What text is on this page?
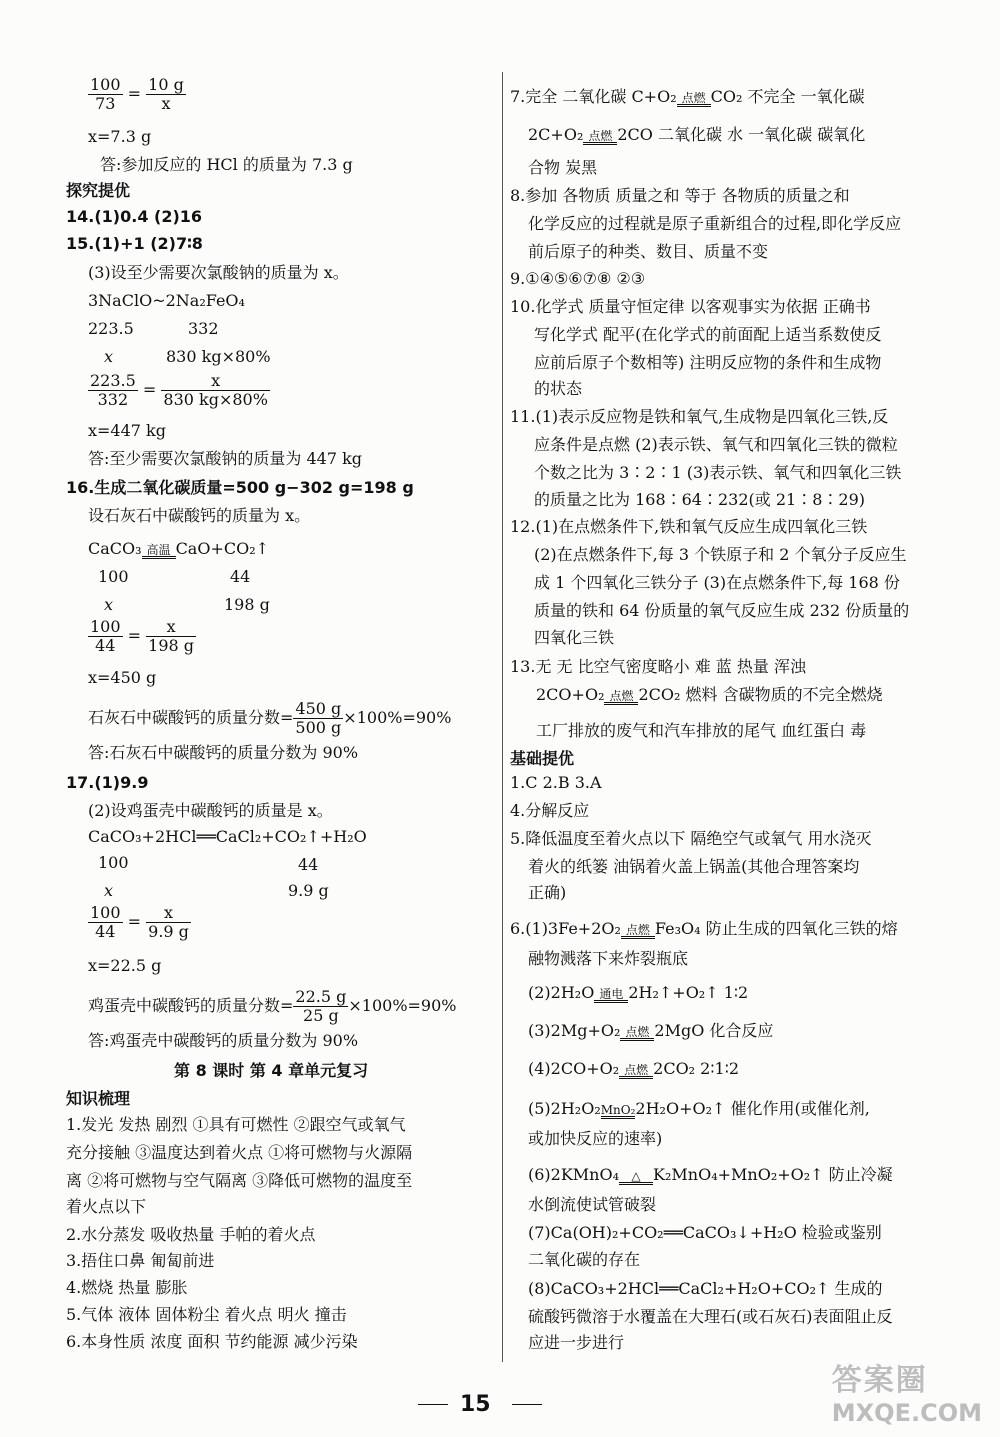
$\frac{100}{73} = \frac{10 g}{x}$
x=7.3 g
答:参加反应的 HCl 的质量为 7.3 g
探究提优
14.(1)0.4 (2)16
15.(1)+1 (2)7∶8
(3)设至少需要次氯酸钠的质量为 x。
3NaClO~2Na₂FeO₄
223.5	332
x	830 kg×80%
$\frac{223.5}{332} = \frac{x}{830 kg\times 80\%}$
x=447 kg
答:至少需要次氯酸钠的质量为 447 kg
16.生成二氧化碳质量=500 g−302 g=198 g
设石灰石中碳酸钙的质量为 x。
CaCO₃ 高温 CaO+CO₂↑
100	44
x	198 g
$\frac{100}{44} = \frac{x}{198 g}$
x=450 g
石灰石中碳酸钙的质量分数= $\frac{450 g}{500 g} \times 100\%=90\%$
答:石灰石中碳酸钙的质量分数为 90%
17.(1)9.9
(2)设鸡蛋壳中碳酸钙的质量是 x。
CaCO₃+2HCl══CaCl₂+CO₂↑+H₂O
100	44
x	9.9 g
$\frac{100}{44} = \frac{x}{9.9 g}$
x=22.5 g
鸡蛋壳中碳酸钙的质量分数= $\frac{22.5 g}{25 g} \times 100\%=90\%$
答:鸡蛋壳中碳酸钙的质量分数为 90%
第 8 课时 第 4 章单元复习
知识梳理
1.发光 发热 剧烈 ①具有可燃性 ②跟空气或氧气
充分接触 ③温度达到着火点 ①将可燃物与火源隔
离 ②将可燃物与空气隔离 ③降低可燃物的温度至
着火点以下
2.水分蒸发 吸收热量 手帕的着火点
3.捂住口鼻 匍匐前进
4.燃烧 热量 膨胀
5.气体 液体 固体粉尘 着火点 明火 撞击
6.本身性质 浓度 面积 节约能源 减少污染
7.完全 二氧化碳 C+O₂ 点燃 CO₂ 不完全 一氧化碳
2C+O₂ 点燃 2CO 二氧化碳 水 一氧化碳 碳氧化
合物 炭黑
8.参加 各物质 质量之和 等于 各物质的质量之和
化学反应的过程就是原子重新组合的过程,即化学反应
前后原子的种类、数目、质量不变
9.①④⑤⑥⑦⑧ ②③
10.化学式 质量守恒定律 以客观事实为依据 正确书
写化学式 配平(在化学式的前面配上适当系数使反
应前后原子个数相等) 注明反应物的条件和生成物
的状态
11.(1)表示反应物是铁和氧气,生成物是四氧化三铁,反
应条件是点燃 (2)表示铁、氧气和四氧化三铁的微粒
个数之比为 3∶2∶1 (3)表示铁、氧气和四氧化三铁
的质量之比为 168∶64∶232(或 21∶8∶29)
12.(1)在点燃条件下,铁和氧气反应生成四氧化三铁
(2)在点燃条件下,每 3 个铁原子和 2 个氧分子反应生
成 1 个四氧化三铁分子 (3)在点燃条件下,每 168 份
质量的铁和 64 份质量的氧气反应生成 232 份质量的
四氧化三铁
13.无 无 比空气密度略小 难 蓝 热量 浑浊
2CO+O₂ 点燃 2CO₂ 燃料 含碳物质的不完全燃烧
工厂排放的废气和汽车排放的尾气 血红蛋白 毒
基础提优
1.C 2.B 3.A
4.分解反应
5.降低温度至着火点以下 隔绝空气或氧气 用水浇灭
着火的纸篓 油锅着火盖上锅盖(其他合理答案均
正确)
6.(1)3Fe+2O₂ 点燃 Fe₃O₄ 防止生成的四氧化三铁的熔
融物溅落下来炸裂瓶底
(2)2H₂O 通电 2H₂↑+O₂↑ 1∶2
(3)2Mg+O₂ 点燃 2MgO 化合反应
(4)2CO+O₂ 点燃 2CO₂ 2∶1∶2
(5)2H₂O₂ MnO₂ 2H₂O+O₂↑ 催化作用(或催化剂,
或加快反应的速率)
(6)2KMnO₄	△ K₂MnO₄+MnO₂+O₂↑ 防止冷凝
水倒流使试管破裂
(7)Ca(OH)₂+CO₂══CaCO₃↓+H₂O 检验或鉴别
二氧化碳的存在
(8)CaCO₃+2HCl══CaCl₂+H₂O+CO₂↑ 生成的
硫酸钙微溶于水覆盖在大理石(或石灰石)表面阻止反
应进一步进行
15
答案圈
MXQE.COM
